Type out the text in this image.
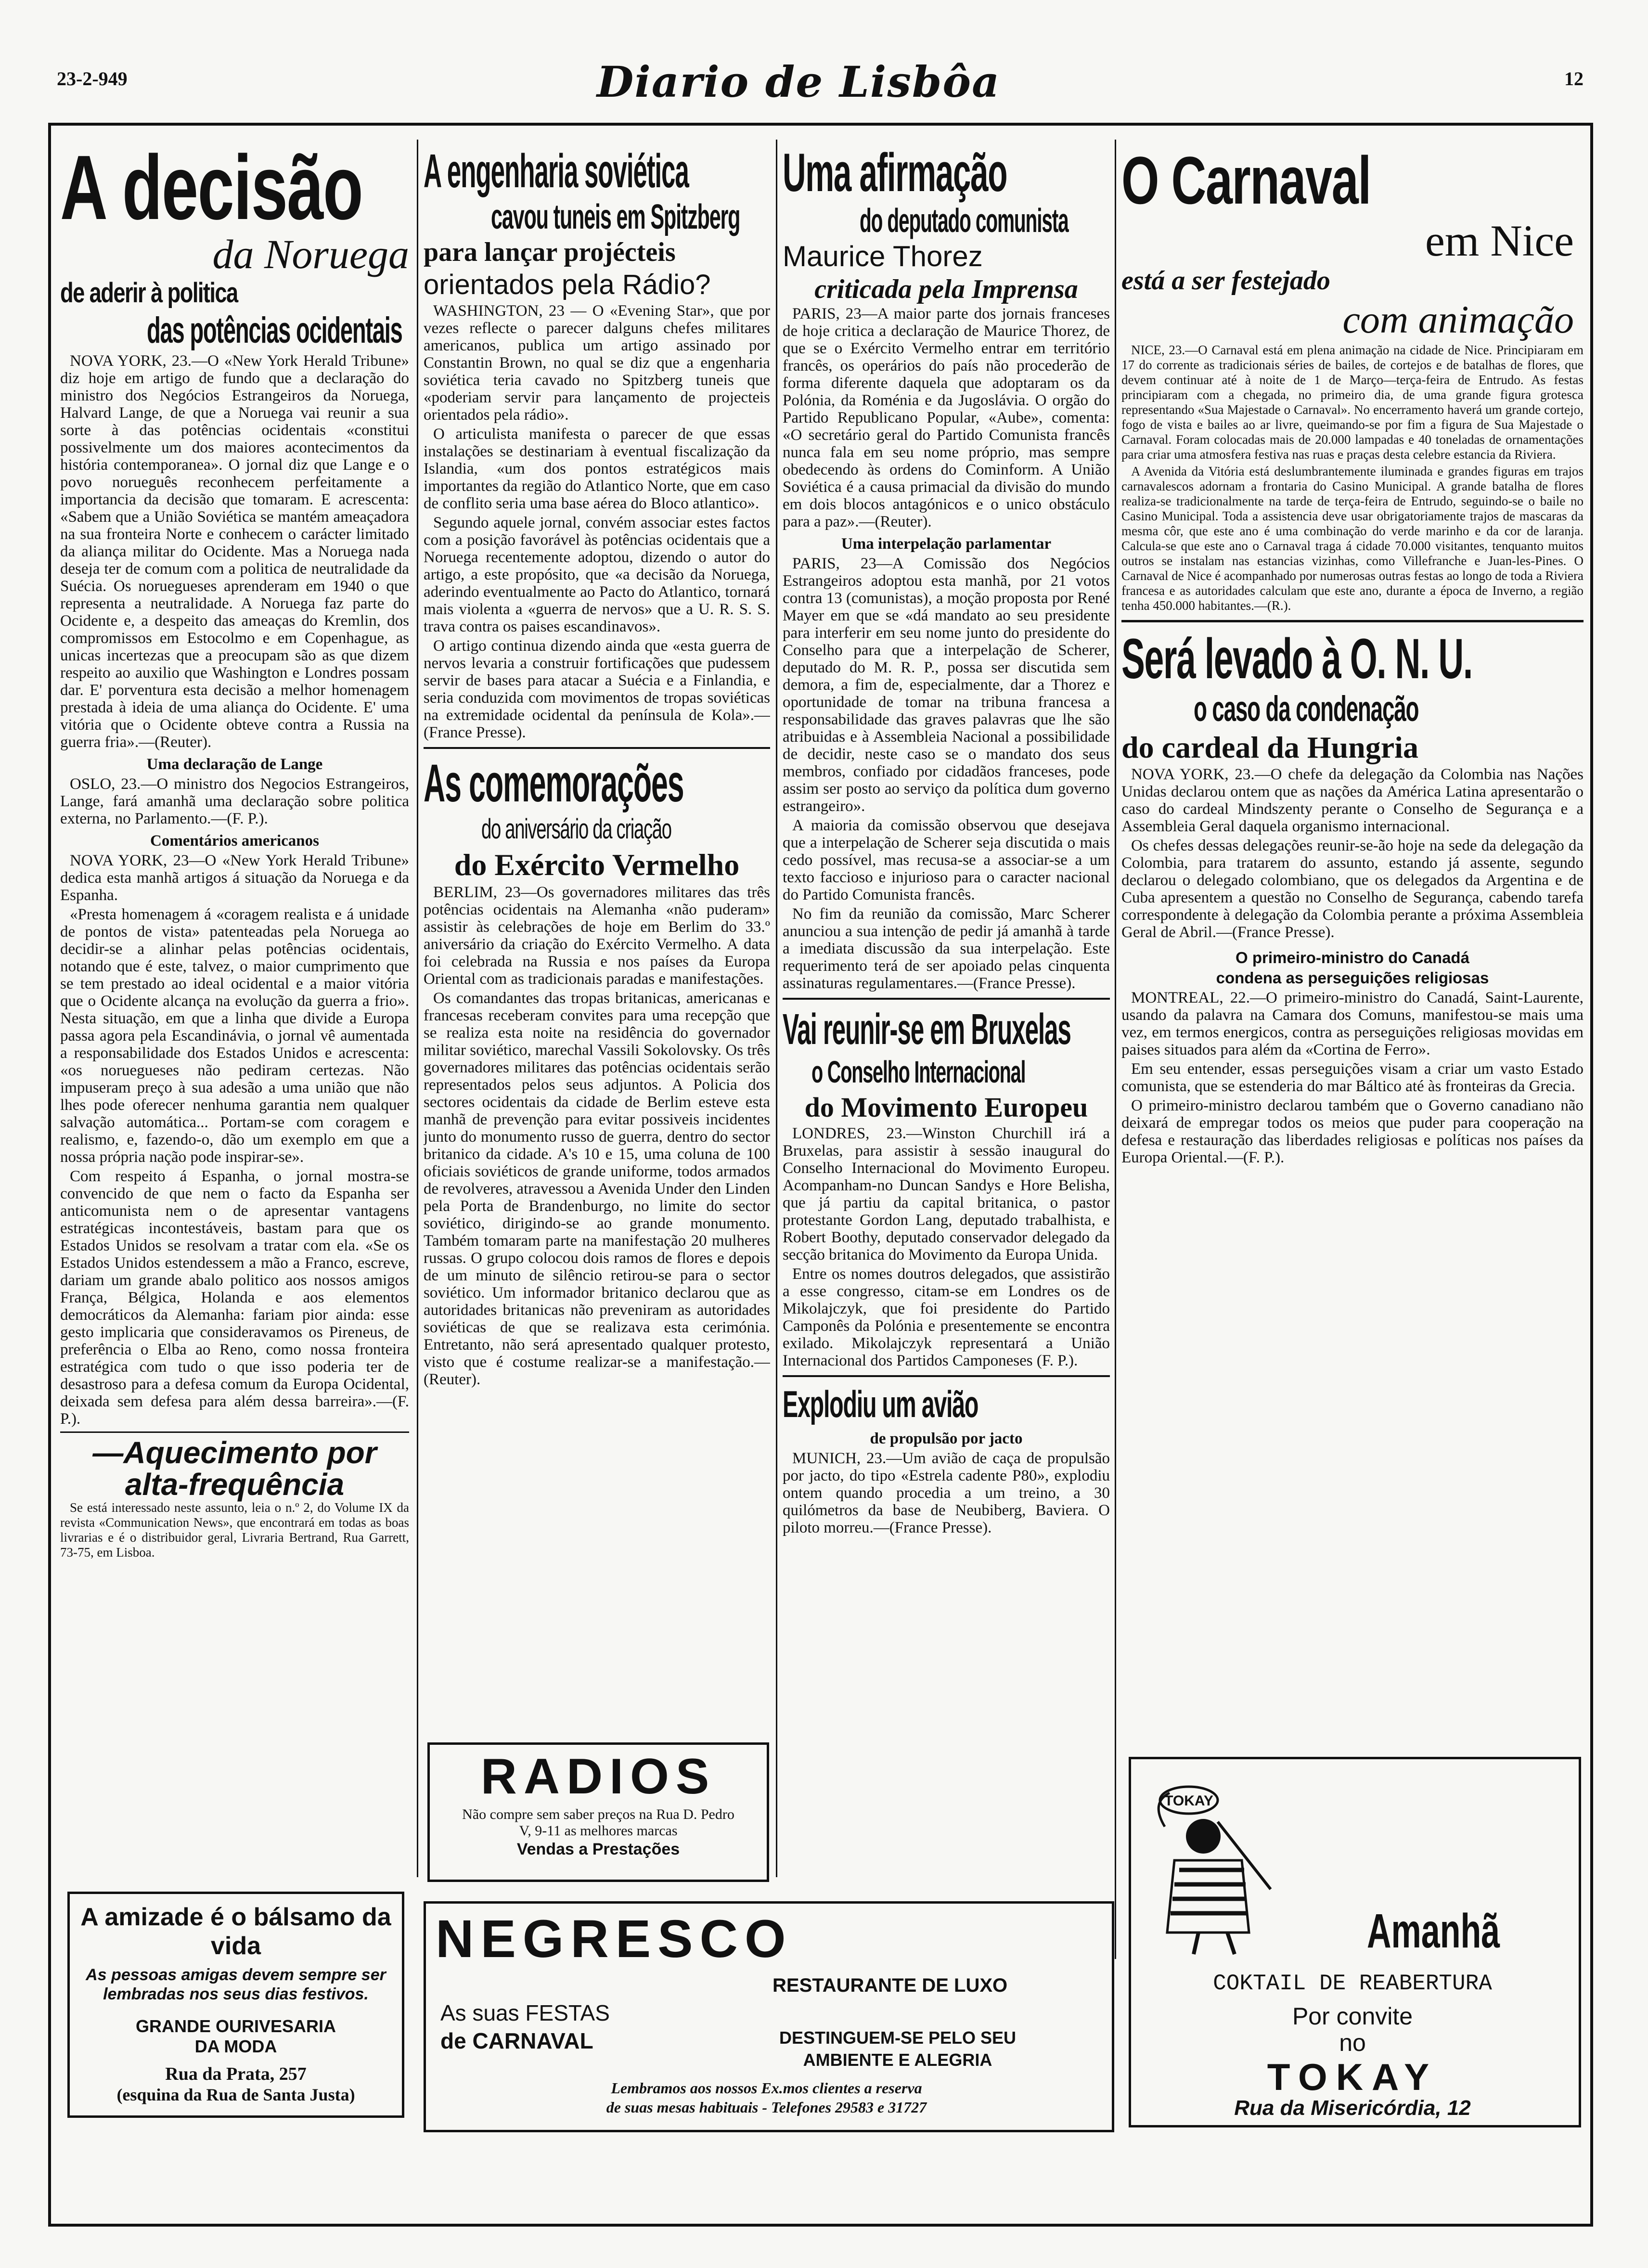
23-2-949	Diario de Lisbôa	12
A decisão
da Noruega
de aderir à politica
das potências ocidentais

NOVA YORK, 23.—O «New York Herald Tribune» diz hoje em artigo de fundo que a declaração do ministro dos Negócios Estrangeiros da Noruega, Halvard Lange, de que a Noruega vai reunir a sua sorte à das potências ocidentais «constitui possivelmente um dos maiores acontecimentos da história contemporanea». O jornal diz que Lange e o povo norueguês reconhecem perfeitamente a importancia da decisão que tomaram. E acrescenta: «Sabem que a União Soviética se mantém ameaçadora na sua fronteira Norte e conhecem o carácter limitado da aliança militar do Ocidente. Mas a Noruega nada deseja ter de comum com a politica de neutralidade da Suécia. Os noruegueses aprenderam em 1940 o que representa a neutralidade. A Noruega faz parte do Ocidente e, a despeito das ameaças do Kremlin, dos compromissos em Estocolmo e em Copenhague, as unicas incertezas que a preocupam são as que dizem respeito ao auxilio que Washington e Londres possam dar. E' porventura esta decisão a melhor homenagem prestada à ideia de uma aliança do Ocidente. E' uma vitória que o Ocidente obteve contra a Russia na guerra fria».—(Reuter).

Uma declaração de Lange

OSLO, 23.—O ministro dos Negocios Estrangeiros, Lange, fará amanhã uma declaração sobre politica externa, no Parlamento.—(F. P.).

Comentários americanos

NOVA YORK, 23—O «New York Herald Tribune» dedica esta manhã artigos á situação da Noruega e da Espanha.

«Presta homenagem á «coragem realista e á unidade de pontos de vista» patenteadas pela Noruega ao decidir-se a alinhar pelas potências ocidentais, notando que é este, talvez, o maior cumprimento que se tem prestado ao ideal ocidental e a maior vitória que o Ocidente alcança na evolução da guerra a frio». Nesta situação, em que a linha que divide a Europa passa agora pela Escandinávia, o jornal vê aumentada a responsabilidade dos Estados Unidos e acrescenta: «os noruegueses não pediram certezas. Não impuseram preço à sua adesão a uma união que não lhes pode oferecer nenhuma garantia nem qualquer salvação automática... Portam-se com coragem e realismo, e, fazendo-o, dão um exemplo em que a nossa própria nação pode inspirar-se».

Com respeito á Espanha, o jornal mostra-se convencido de que nem o facto da Espanha ser anticomunista nem o de apresentar vantagens estratégicas incontestáveis, bastam para que os Estados Unidos se resolvam a tratar com ela. «Se os Estados Unidos estendessem a mão a Franco, escreve, dariam um grande abalo politico aos nossos amigos França, Bélgica, Holanda e aos elementos democráticos da Alemanha: fariam pior ainda: esse gesto implicaria que consideravamos os Pireneus, de preferência o Elba ao Reno, como nossa fronteira estratégica com tudo o que isso poderia ter de desastroso para a defesa comum da Europa Ocidental, deixada sem defesa para além dessa barreira».—(F. P.).

—Aquecimento por
alta-frequência

Se está interessado neste assunto, leia o n.º 2, do Volume IX da revista «Communication News», que encontrará em todas as boas livrarias e é o distribuidor geral, Livraria Bertrand, Rua Garrett, 73-75, em Lisboa.

A amizade é o bálsamo da vida
As pessoas amigas devem sempre ser lembradas nos seus dias festivos.
GRANDE OURIVESARIA
DA MODA
Rua da Prata, 257
(esquina da Rua de Santa Justa)
A engenharia soviética
cavou tuneis em Spitzberg
para lançar projécteis
orientados pela Rádio?

WASHINGTON, 23 — O «Evening Star», que por vezes reflecte o parecer dalguns chefes militares americanos, publica um artigo assinado por Constantin Brown, no qual se diz que a engenharia soviética teria cavado no Spitzberg tuneis que «poderiam servir para lançamento de projecteis orientados pela rádio».

O articulista manifesta o parecer de que essas instalações se destinariam à eventual fiscalização da Islandia, «um dos pontos estratégicos mais importantes da região do Atlantico Norte, que em caso de conflito seria uma base aérea do Bloco atlantico».

Segundo aquele jornal, convém associar estes factos com a posição favorável às potências ocidentais que a Noruega recentemente adoptou, dizendo o autor do artigo, a este propósito, que «a decisão da Noruega, aderindo eventualmente ao Pacto do Atlantico, tornará mais violenta a «guerra de nervos» que a U. R. S. S. trava contra os paises escandinavos».

O artigo continua dizendo ainda que «esta guerra de nervos levaria a construir fortificações que pudessem servir de bases para atacar a Suécia e a Finlandia, e seria conduzida com movimentos de tropas soviéticas na extremidade ocidental da península de Kola».—(France Presse).

As comemorações
do aniversário da criação
do Exército Vermelho

BERLIM, 23—Os governadores militares das três potências ocidentais na Alemanha «não puderam» assistir às celebrações de hoje em Berlim do 33.º aniversário da criação do Exército Vermelho. A data foi celebrada na Russia e nos países da Europa Oriental com as tradicionais paradas e manifestações.

Os comandantes das tropas britanicas, americanas e francesas receberam convites para uma recepção que se realiza esta noite na residência do governador militar soviético, marechal Vassili Sokolovsky. Os três governadores militares das potências ocidentais serão representados pelos seus adjuntos. A Policia dos sectores ocidentais da cidade de Berlim esteve esta manhã de prevenção para evitar possiveis incidentes junto do monumento russo de guerra, dentro do sector britanico da cidade. A's 10 e 15, uma coluna de 100 oficiais soviéticos de grande uniforme, todos armados de revolveres, atravessou a Avenida Under den Linden pela Porta de Brandenburgo, no limite do sector soviético, dirigindo-se ao grande monumento. Também tomaram parte na manifestação 20 mulheres russas. O grupo colocou dois ramos de flores e depois de um minuto de silêncio retirou-se para o sector soviético. Um informador britanico declarou que as autoridades britanicas não preveniram as autoridades soviéticas de que se realizava esta cerimónia. Entretanto, não será apresentado qualquer protesto, visto que é costume realizar-se a manifestação.—(Reuter).

RADIOS
Não compre sem saber preços na Rua D. Pedro V, 9-11 as melhores marcas
Vendas a Prestações
Uma afirmação
do deputado comunista
Maurice Thorez
criticada pela Imprensa

PARIS, 23—A maior parte dos jornais franceses de hoje critica a declaração de Maurice Thorez, de que se o Exército Vermelho entrar em território francês, os operários do país não procederão de forma diferente daquela que adoptaram os da Polónia, da Roménia e da Jugoslávia. O orgão do Partido Republicano Popular, «Aube», comenta: «O secretário geral do Partido Comunista francês nunca fala em seu nome próprio, mas sempre obedecendo às ordens do Cominform. A União Soviética é a causa primacial da divisão do mundo em dois blocos antagónicos e o unico obstáculo para a paz».—(Reuter).

Uma interpelação parlamentar

PARIS, 23—A Comissão dos Negócios Estrangeiros adoptou esta manhã, por 21 votos contra 13 (comunistas), a moção proposta por René Mayer em que se «dá mandato ao seu presidente para interferir em seu nome junto do presidente do Conselho para que a interpelação de Scherer, deputado do M. R. P., possa ser discutida sem demora, a fim de, especialmente, dar a Thorez e oportunidade de tomar na tribuna francesa a responsabilidade das graves palavras que lhe são atribuidas e à Assembleia Nacional a possibilidade de decidir, neste caso se o mandato dos seus membros, confiado por cidadãos franceses, pode assim ser posto ao serviço da política dum governo estrangeiro».

A maioria da comissão observou que desejava que a interpelação de Scherer seja discutida o mais cedo possível, mas recusa-se a associar-se a um texto faccioso e injurioso para o caracter nacional do Partido Comunista francês.

No fim da reunião da comissão, Marc Scherer anunciou a sua intenção de pedir já amanhã à tarde a imediata discussão da sua interpelação. Este requerimento terá de ser apoiado pelas cinquenta assinaturas regulamentares.—(France Presse).

Vai reunir-se em Bruxelas
o Conselho Internacional
do Movimento Europeu

LONDRES, 23.—Winston Churchill irá a Bruxelas, para assistir à sessão inaugural do Conselho Internacional do Movimento Europeu. Acompanham-no Duncan Sandys e Hore Belisha, que já partiu da capital britanica, o pastor protestante Gordon Lang, deputado trabalhista, e Robert Boothy, deputado conservador delegado da secção britanica do Movimento da Europa Unida.

Entre os nomes doutros delegados, que assistirão a esse congresso, citam-se em Londres os de Mikolajczyk, que foi presidente do Partido Camponês da Polónia e presentemente se encontra exilado. Mikolajczyk representará a União Internacional dos Partidos Camponeses (F. P.).

Explodiu um avião
de propulsão por jacto

MUNICH, 23.—Um avião de caça de propulsão por jacto, do tipo «Estrela cadente P80», explodiu ontem quando procedia a um treino, a 30 quilómetros da base de Neubiberg, Baviera. O piloto morreu.—(France Presse).

NEGRESCO
RESTAURANTE DE LUXO
As suas FESTAS
de CARNAVAL	DESTINGUEM-SE PELO SEU
AMBIENTE E ALEGRIA
Lembramos aos nossos Ex.mos clientes a reserva
de suas mesas habituais - Telefones 29583 e 31727
O Carnaval
em Nice
está a ser festejado
com animação

NICE, 23.—O Carnaval está em plena animação na cidade de Nice. Principiaram em 17 do corrente as tradicionais séries de bailes, de cortejos e de batalhas de flores, que devem continuar até à noite de 1 de Março—terça-feira de Entrudo. As festas principiaram com a chegada, no primeiro dia, de uma grande figura grotesca representando «Sua Majestade o Carnaval». No encerramento haverá um grande cortejo, fogo de vista e bailes ao ar livre, queimando-se por fim a figura de Sua Majestade o Carnaval. Foram colocadas mais de 20.000 lampadas e 40 toneladas de ornamentações para criar uma atmosfera festiva nas ruas e praças desta celebre estancia da Riviera.

A Avenida da Vitória está deslumbrantemente iluminada e grandes figuras em trajos carnavalescos adornam a frontaria do Casino Municipal. A grande batalha de flores realiza-se tradicionalmente na tarde de terça-feira de Entrudo, seguindo-se o baile no Casino Municipal. Toda a assistencia deve usar obrigatoriamente trajos de mascaras da mesma côr, que este ano é uma combinação do verde marinho e da cor de laranja. Calcula-se que este ano o Carnaval traga á cidade 70.000 visitantes, tenquanto muitos outros se instalam nas estancias vizinhas, como Villefranche e Juan-les-Pines. O Carnaval de Nice é acompanhado por numerosas outras festas ao longo de toda a Riviera francesa e as autoridades calculam que este ano, durante a época de Inverno, a região tenha 450.000 habitantes.—(R.).

Será levado à O. N. U.
o caso da condenação
do cardeal da Hungria

NOVA YORK, 23.—O chefe da delegação da Colombia nas Nações Unidas declarou ontem que as nações da América Latina apresentarão o caso do cardeal Mindszenty perante o Conselho de Segurança e a Assembleia Geral daquela organismo internacional.

Os chefes dessas delegações reunir-se-ão hoje na sede da delegação da Colombia, para tratarem do assunto, estando já assente, segundo declarou o delegado colombiano, que os delegados da Argentina e de Cuba apresentem a questão no Conselho de Segurança, cabendo tarefa correspondente à delegação da Colombia perante a próxima Assembleia Geral de Abril.—(France Presse).

O primeiro-ministro do Canadá
condena as perseguições religiosas

MONTREAL, 22.—O primeiro-ministro do Canadá, Saint-Laurente, usando da palavra na Camara dos Comuns, manifestou-se mais uma vez, em termos energicos, contra as perseguições religiosas movidas em paises situados para além da «Cortina de Ferro».

Em seu entender, essas perseguições visam a criar um vasto Estado comunista, que se estenderia do mar Báltico até às fronteiras da Grecia.

O primeiro-ministro declarou também que o Governo canadiano não deixará de empregar todos os meios que puder para cooperação na defesa e restauração das liberdades religiosas e políticas nos países da Europa Oriental.—(F. P.).

TOKAY
Amanhã
COKTAIL DE REABERTURA
Por convite
no
TOKAY
Rua da Misericórdia, 12
